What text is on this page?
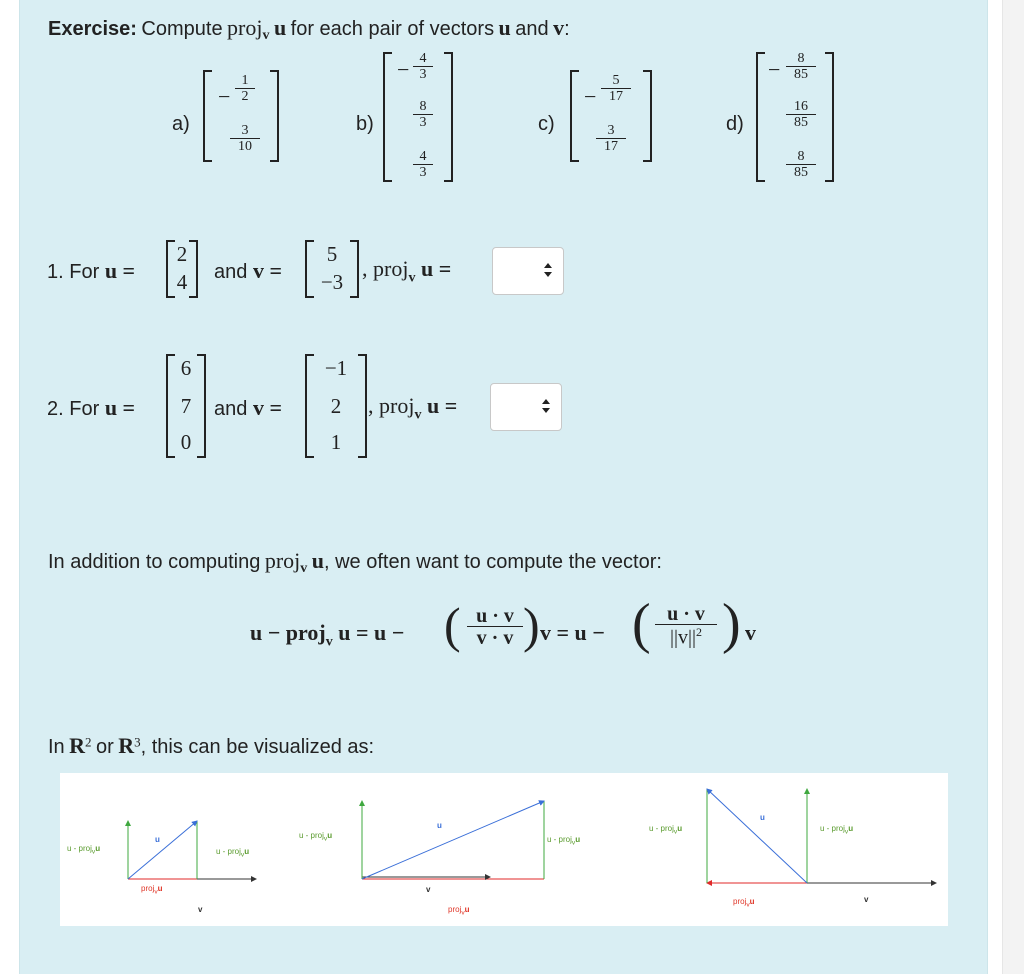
Exercise: Compute proj$_v$ u for each pair of vectors u and v:
a)
− $\frac{1}{2}$
$\frac{3}{10}$	b)
− $\frac{4}{3}$
$\frac{8}{3}$
$\frac{4}{3}$
c)
− $\frac{5}{17}$
$\frac{3}{17}$	d)
− $\frac{8}{85}$
$\frac{16}{85}$
$\frac{8}{85}$
1. For u =
2
4	and v =
5
−3
, proj$_v$ u =
2. For u =
6
7
0
and v =
−1
2
1
, proj$_v$ u =
In addition to computing proj$_v$ u, we often want to compute the vector:
u − proj$_v$ u = u − ( $\frac{u \cdot v}{v \cdot v}$ ) v = u − ( $\frac{u \cdot v}{||v||^2}$ ) v
In $R^2$ or $R^3$, this can be visualized as:
u - proj$_v$u	u - proj$_v$u
u
proj$_v$u
v
u - proj$_v$u	u - proj$_v$u
u
v
proj$_v$u
u - proj$_v$u	u - proj$_v$u
u
proj$_v$u	v
